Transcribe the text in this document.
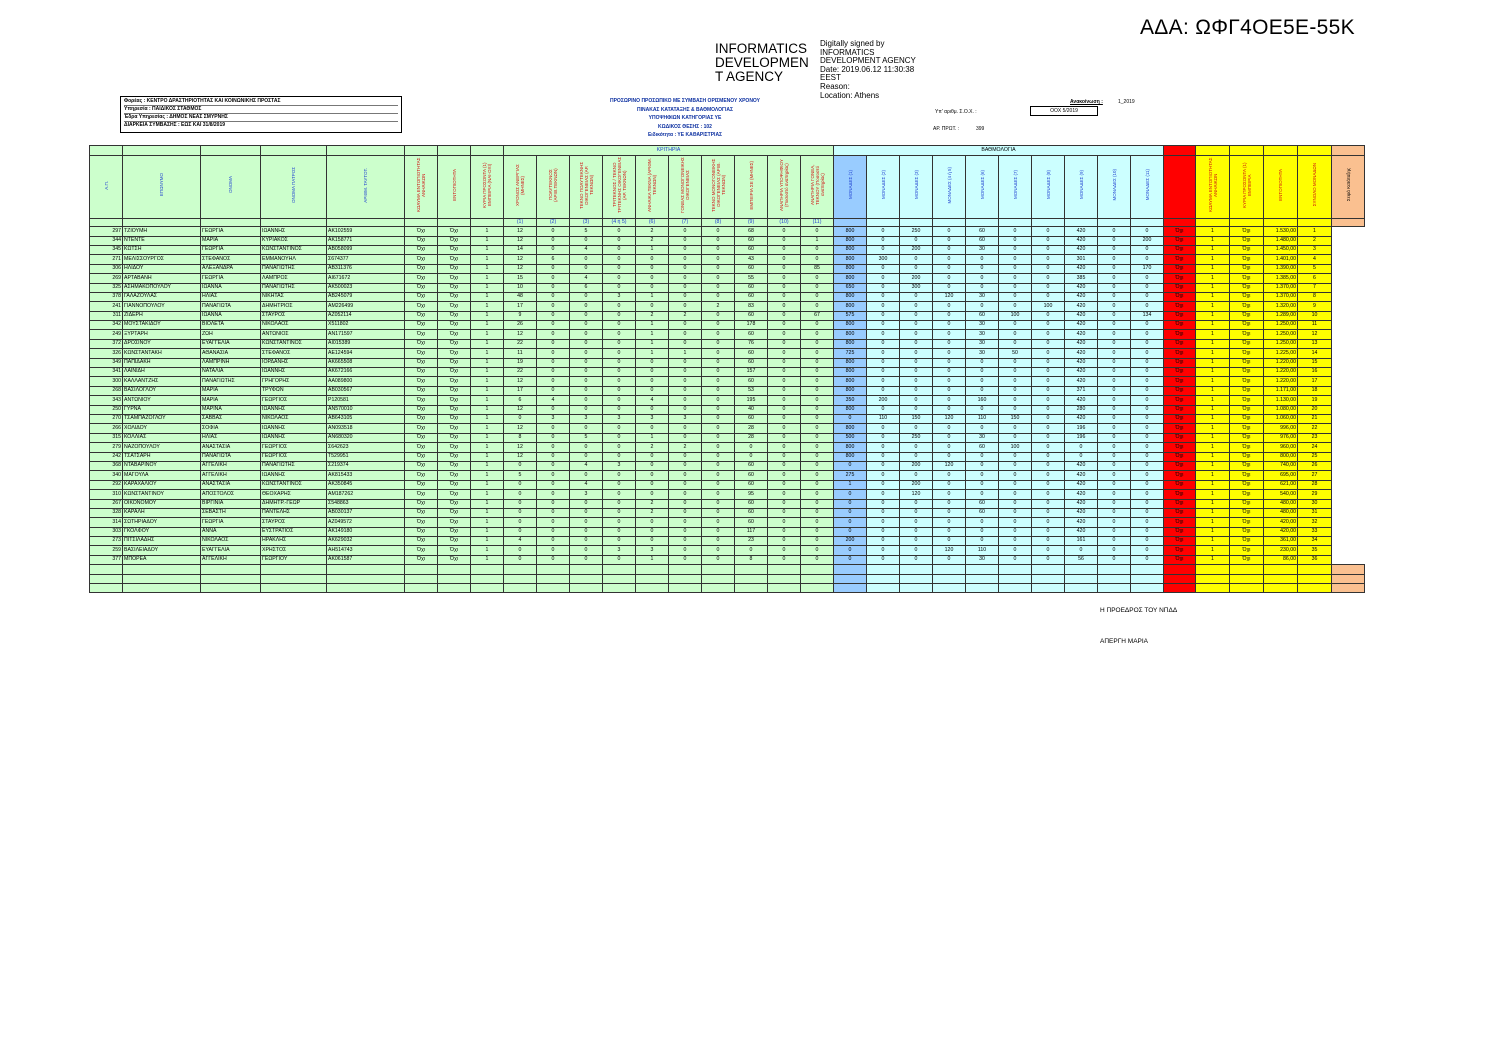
ΑΔΑ: ΩΦΓ4ΟΕ5Ε-55Κ
INFORMATICS
DEVELOPMEN
T AGENCY
Digitally signed by
INFORMATICS
DEVELOPMENT AGENCY
Date: 2019.06.12 11:30:38
EEST
Reason:
Location: Athens
Φορέας : ΚΕΝΤΡΟ ΔΡΑΣΤΗΡΙΟΤΗΤΑΣ ΚΑΙ ΚΟΙΝΩΝΙΚΗΣ ΠΡΟΣΤΑΣ
Υπηρεσία : ΠΑΙΔΙΚΟΣ ΣΤΑΘΜΟΣ
Έδρα Υπηρεσίας : ΔΗΜΟΣ ΝΕΑΣ ΣΜΥΡΝΗΣ
ΔΙΑΡΚΕΙΑ ΣΥΜΒΑΣΗΣ : ΕΩΣ ΚΑΙ 31/8/2019
ΠΡΟΣΩΡΙΝΟ ΠΡΟΣΩΠΙΚΟ ΜΕ ΣΥΜΒΑΣΗ ΟΡΙΣΜΕΝΟΥ ΧΡΟΝΟΥ
ΠΙΝΑΚΑΣ ΚΑΤΑΤΑΞΗΣ & ΒΑΘΜΟΛΟΓΙΑΣ
ΥΠΟΨΗΦΙΩΝ ΚΑΤΗΓΟΡΙΑΣ ΥΕ
ΚΩΔΙΚΟΣ ΘΕΣΗΣ : 102
Ειδικότητα : ΥΕ ΚΑΘΑΡΙΣΤΡΙΑΣ
Ανακοίνωση :	1_2019
Υπ' αριθμ. Σ.Ο.Χ. :	ΟΟΧ 5/2019
ΑΡ. ΠΡΩΤ. :	399
								ΚΡΙΤΗΡΙΑ										ΒΑΘΜΟΛΟΓΙΑ															
Α.Π.	ΕΠΩΝΥΜΟ	ΟΝΟΜΑ	ΟΝΟΜΑ ΠΑΤΡΟΣ	ΑΡΙΘΜ. ΤΑΥΤΟΤ.	ΚΩΛΥΜΑ ΕΝΤΟΠΙΟΤΗΤΑΣ ΑΝΗΛΙΚΩΝ	ΕΝΤΟΠΙΟΤΗΤΑ	ΚΥΡΙΑ ΠΡΟΣΟΝΤΑ (1) ΕΜΠΕΙΡΙΑ (ΝΑΙ-ΟΧΙ)	ΧΡΟΝΟΣ ΑΝΕΡΓΙΑΣ (ΜΗΝΕΣ)	ΠΟΛΥΤΕΚΝΟΣ (ΑΡΙΘ.ΤΕΚΝΩΝ)	ΤΕΚΝΟ ΠΟΛΥΤΕΚΝΗΣ ΟΙΚΟΓΕΝΕΙΑΣ (ΑΡ. ΤΕΚΝΩΝ)	ΤΡΙΤΕΚΝΟΣ / ΤΕΚΝΟ ΤΡΙΤΕΚΝΗΣ ΟΙΚΟΓΕΝΕΙΑΣ (ΑΡ. ΤΕΚΝΩΝ)	ΑΝΗΛΙΚΑ ΤΕΚΝΑ (ΑΡΙΘΜ. ΤΕΚΝΩΝ)	ΓΟΝΕΑΣ ΜΟΝΟΓΟΝΕΙΚΗΣ ΟΙΚΟΓΕΝΕΙΑΣ	ΤΕΚΝΟ ΜΟΝΟΓΟΝΕΙΚΗΣ ΟΙΚΟΓΕΝΕΙΑΣ (ΑΡΙΘ. ΤΕΚΝΩΝ)	ΕΜΠΕΙΡΙΑ ΣΕ (ΜΗΝΕΣ)	ΑΝΑΠΗΡΙΑ ΥΠΟΨΗΦΙΟΥ (Ποσοστό αναπηρίας)	ΑΝΑΠΗΡΙΑ ΓΟΝΕΑ, ΤΕΚΝΟΥ (Ποσοστό αναπηρίας)	ΜΟΝΑΔΕΣ (1)	ΜΟΝΑΔΕΣ (2)	ΜΟΝΑΔΕΣ (3)	ΜΟΝΑΔΕΣ (4 ή 5)	ΜΟΝΑΔΕΣ (6)	ΜΟΝΑΔΕΣ (7)	ΜΟΝΑΔΕΣ (8)	ΜΟΝΑΔΕΣ (9)	ΜΟΝΑΔΕΣ (10)	ΜΟΝΑΔΕΣ (11)		ΚΩΛΥΜΑ ΕΝΤΟΠΙΟΤΗΤΑΣ ΑΝΗΛΙΚΩΝ	ΚΥΡΙΑ ΠΡΟΣΟΝΤΑ (1) ΕΜΠΕΙΡΙΑ	ΕΝΤΟΠΙΟΤΗΤΑ	ΣΥΝΟΛΟ ΜΟΝΑΔΩΝ	Σειρά Κατάταξης
								(1)	(2)	(3)	(4 ή 5)	(6)	(7)	(8)	(9)	(10)	(11)																
297	ΤΖΙΟΥΜΗ	ΓΕΩΡΓΙΑ	ΙΩΑΝΝΗΣ	AK102559	Όχι	Όχι	1	12	0	5	0	2	0	0	68	0	0	800	0	250	0	60	0	0	420	0	0	Όχι	1	Όχι	1.530,00	1	
344	ΝΤΕΝΤΕ	ΜΑΡΙΑ	ΚΥΡΙΑΚΟΣ	AK158771	Όχι	Όχι	1	12	0	0	0	2	0	0	60	0	1	800	0	0	0	60	0	0	420	0	200	Όχι	1	Όχι	1.480,00	2	
345	ΚΩΤΣΗ	ΓΕΩΡΓΙΑ	ΚΩΝΣΤΑΝΤΙΝΟΣ	AB058099	Όχι	Όχι	1	14	0	4	0	1	0	0	60	0	0	800	0	200	0	30	0	0	420	0	0	Όχι	1	Όχι	1.450,00	3	
271	ΜΕΛΙΣΣΟΥΡΓΟΣ	ΣΤΕΦΑΝΟΣ	ΕΜΜΑΝΟΥΗΛ	Σ674377	Όχι	Όχι	1	12	6	0	0	0	0	0	43	0	0	800	300	0	0	0	0	0	301	0	0	Όχι	1	Όχι	1.401,00	4	
306	ΗΛΙΔΟΥ	ΑΛΕΞΑΝΔΡΑ	ΠΑΝΑΓΙΩΤΗΣ	AB311376	Όχι	Όχι	1	12	0	0	0	0	0	0	60	0	85	800	0	0	0	0	0	0	420	0	170	Όχι	1	Όχι	1.390,00	5	
269	ΑΡΤΑΒΑΝΗ	ΓΕΩΡΓΙΑ	ΛΑΜΠΡΟΣ	AI671672	Όχι	Όχι	1	15	0	4	0	0	0	0	55	0	0	800	0	200	0	0	0	0	385	0	0	Όχι	1	Όχι	1.385,00	6	
325	ΑΣΗΜΑΚΟΠΟΥΛΟΥ	ΙΩΑΝΝΑ	ΠΑΝΑΓΙΩΤΗΣ	AK500023	Όχι	Όχι	1	10	0	6	0	0	0	0	60	0	0	650	0	300	0	0	0	0	420	0	0	Όχι	1	Όχι	1.370,00	7	
378	ΓΑΛΑΖΟΥΛΑΣ	ΗΛΙΑΣ	ΝΙΚΗΤΑΣ	AB245079	Όχι	Όχι	1	48	0	0	3	1	0	0	60	0	0	800	0	0	120	30	0	0	420	0	0	Όχι	1	Όχι	1.370,00	8	
241	ΓΙΑΝΝΟΠΟΥΛΟΥ	ΠΑΝΑΓΙΩΤΑ	ΔΗΜΗΤΡΙΟΣ	AM226499	Όχι	Όχι	1	17	0	0	0	0	0	2	83	0	0	800	0	0	0	0	0	100	420	0	0	Όχι	1	Όχι	1.320,00	9	
311	ΖΙΔΕΡΗ	ΙΩΑΝΝΑ	ΣΤΑΥΡΟΣ	AZ052114	Όχι	Όχι	1	9	0	0	0	2	2	0	60	0	67	575	0	0	0	60	100	0	420	0	134	Όχι	1	Όχι	1.289,00	10	
342	ΜΟΥΣΤΑΚΙΔΟΥ	ΒΙΟΛΕΤΑ	ΝΙΚΟΛΑΟΣ	X511802	Όχι	Όχι	1	26	0	0	0	1	0	0	178	0	0	800	0	0	0	30	0	0	420	0	0	Όχι	1	Όχι	1.250,00	11	
249	ΞΥΡΤΑΡΗ	ΖΩΗ	ΑΝΤΩΝΙΟΣ	AN171597	Όχι	Όχι	1	12	0	0	0	1	0	0	60	0	0	800	0	0	0	30	0	0	420	0	0	Όχι	1	Όχι	1.250,00	12	
372	ΔΡΟΣΙΝΟΥ	ΕΥΑΓΓΕΛΙΑ	ΚΩΝΣΤΑΝΤΙΝΟΣ	AI015389	Όχι	Όχι	1	22	0	0	0	1	0	0	76	0	0	800	0	0	0	30	0	0	420	0	0	Όχι	1	Όχι	1.250,00	13	
326	ΚΩΝΣΤΑΝΤΑΚΗ	ΑΘΑΝΑΣΙΑ	ΣΤΕΦΑΝΟΣ	AE124594	Όχι	Όχι	1	11	0	0	0	1	1	0	60	0	0	725	0	0	0	30	50	0	420	0	0	Όχι	1	Όχι	1.225,00	14	
349	ΠΑΠΙΔΑΚΗ	ΛΑΜΠΡΙΝΗ	ΙΟΡΔΑΝΗΣ	AK665508	Όχι	Όχι	1	19	0	0	0	0	0	0	60	0	0	800	0	0	0	0	0	0	420	0	0	Όχι	1	Όχι	1.220,00	15	
341	ΛΑΪΝΙΔΗ	ΝΑΤΑΛΙΑ	ΙΩΑΝΝΗΣ	AK672166	Όχι	Όχι	1	22	0	0	0	0	0	0	157	0	0	800	0	0	0	0	0	0	420	0	0	Όχι	1	Όχι	1.220,00	16	
300	ΚΑΛΛΑΝΤΖΗΣ	ΠΑΝΑΓΙΩΤΗΣ	ΓΡΗΓΟΡΗΣ	AA089800	Όχι	Όχι	1	12	0	0	0	0	0	0	60	0	0	800	0	0	0	0	0	0	420	0	0	Όχι	1	Όχι	1.220,00	17	
268	ΒΑΣΙΛΟΓΛΟΥ	ΜΑΡΙΑ	ΤΡΥΦΩΝ	AB030567	Όχι	Όχι	1	17	0	0	0	0	0	0	53	0	0	800	0	0	0	0	0	0	371	0	0	Όχι	1	Όχι	1.171,00	18	
343	ΑΝΤΩΝΙΟΥ	ΜΑΡΙΑ	ΓΕΩΡΓΙΟΣ	P120581	Όχι	Όχι	1	6	4	0	0	4	0	0	195	0	0	350	200	0	0	160	0	0	420	0	0	Όχι	1	Όχι	1.130,00	19	
250	ΓΥΡΝΑ	ΜΑΡΙΝΑ	ΙΩΑΝΝΗΣ	AN570010	Όχι	Όχι	1	12	0	0	0	0	0	0	40	0	0	800	0	0	0	0	0	0	280	0	0	Όχι	1	Όχι	1.080,00	20	
270	ΤΣΑΜΠΑΖΟΓΛΟΥ	ΣΑΒΒΑΣ	ΝΙΚΟΛΑΟΣ	AB643105	Όχι	Όχι	1	0	3	3	3	3	3	0	60	0	0	0	110	150	120	110	150	0	420	0	0	Όχι	1	Όχι	1.060,00	21	
266	ΧΟΛΙΔΟΥ	ΣΟΦΙΑ	ΙΩΑΝΝΗΣ	AN093518	Όχι	Όχι	1	12	0	0	0	0	0	0	28	0	0	800	0	0	0	0	0	0	196	0	0	Όχι	1	Όχι	996,00	22	
315	ΚΟΛΛΙΑΣ	ΗΛΙΑΣ	ΙΩΑΝΝΗΣ	AN680320	Όχι	Όχι	1	8	0	5	0	1	0	0	28	0	0	500	0	250	0	30	0	0	196	0	0	Όχι	1	Όχι	976,00	23	
279	ΝΑΖΟΠΟΥΛΟΥ	ΑΝΑΣΤΑΣΙΑ	ΓΕΩΡΓΙΟΣ	Σ642623	Όχι	Όχι	1	12	0	0	0	2	2	0	0	0	0	800	0	0	0	60	100	0	0	0	0	Όχι	1	Όχι	960,00	24	
242	ΤΣΑΤΣΑΡΗ	ΠΑΝΑΓΙΩΤΑ	ΓΕΩΡΓΙΟΣ	T529951	Όχι	Όχι	1	12	0	0	0	0	0	0	0	0	0	800	0	0	0	0	0	0	0	0	0	Όχι	1	Όχι	800,00	25	
368	ΝΤΑΒΑΡΙΝΟΥ	ΑΓΓΕΛΙΚΗ	ΠΑΝΑΓΙΩΤΗΣ	Σ219374	Όχι	Όχι	1	0	0	4	3	0	0	0	60	0	0	0	0	200	120	0	0	0	420	0	0	Όχι	1	Όχι	740,00	26	
340	ΜΑΓΟΥΛΑ	ΑΓΓΕΛΙΚΗ	ΙΩΑΝΝΗΣ	AK815433	Όχι	Όχι	1	5	0	0	0	0	0	0	60	0	0	275	0	0	0	0	0	0	420	0	0	Όχι	1	Όχι	695,00	27	
292	ΚΑΡΑΧΑΛΙΟΥ	ΑΝΑΣΤΑΣΙΑ	ΚΩΝΣΤΑΝΤΙΝΟΣ	AK350845	Όχι	Όχι	1	0	0	4	0	0	0	0	60	0	0	1	0	200	0	0	0	0	420	0	0	Όχι	1	Όχι	621,00	28	
310	ΚΩΝΣΤΑΝΤΙΝΟΥ	ΑΠΟΣΤΟΛΟΣ	ΘΕΟΧΑΡΗΣ	AM187262	Όχι	Όχι	1	0	0	3	0	0	0	0	95	0	0	0	0	120	0	0	0	0	420	0	0	Όχι	1	Όχι	540,00	29	
267	ΟΙΚΟΝΟΜΟΥ	ΒΙΡΓΙΝΙΑ	ΔΗΜΗΤΡ.-ΓΕΩΡ	Σ548863	Όχι	Όχι	1	0	0	0	0	2	0	0	60	0	0	0	0	0	0	60	0	0	420	0	0	Όχι	1	Όχι	480,00	30	
328	ΚΑΡΑΛΗ	ΣΕΒΑΣΤΗ	ΠΑΝΤΕΛΗΣ	AB030137	Όχι	Όχι	1	0	0	0	0	2	0	0	60	0	0	0	0	0	0	60	0	0	420	0	0	Όχι	1	Όχι	480,00	31	
314	ΣΩΤΗΡΙΑΔΟΥ	ΓΕΩΡΓΙΑ	ΣΤΑΥΡΟΣ	AZ049572	Όχι	Όχι	1	0	0	0	0	0	0	0	60	0	0	0	0	0	0	0	0	0	420	0	0	Όχι	1	Όχι	420,00	32	
303	ΓΚΟΛΦΟΥ	ΑΝΝΑ	ΕΥΣΤΡΑΤΙΟΣ	AK149180	Όχι	Όχι	1	0	0	0	0	0	0	0	117	0	0	0	0	0	0	0	0	0	420	0	0	Όχι	1	Όχι	420,00	33	
273	ΠΙΤΣΙΛΑΔΗΣ	ΝΙΚΟΛΑΟΣ	ΗΡΑΚΛΗΣ	AK629032	Όχι	Όχι	1	4	0	0	0	0	0	0	23	0	0	200	0	0	0	0	0	0	161	0	0	Όχι	1	Όχι	361,00	34	
259	ΒΑΣΙΛΕΙΑΔΟΥ	ΕΥΑΓΓΕΛΙΑ	ΧΡΗΣΤΟΣ	AH514743	Όχι	Όχι	1	0	0	0	3	3	0	0	0	0	0	0	0	0	120	110	0	0	0	0	0	Όχι	1	Όχι	230,00	35	
377	ΜΠΟΡΕΑ	ΑΓΓΕΛΙΚΗ	ΓΕΩΡΓΙΟΥ	AK061587	Όχι	Όχι	1	0	0	0	0	1	0	0	8	0	0	0	0	0	0	30	0	0	56	0	0	Όχι	1	Όχι	86,00	36	

Η ΠΡΟΕΔΡΟΣ ΤΟΥ ΝΠΔΔ
ΑΠΕΡΓΗ ΜΑΡΙΑ
